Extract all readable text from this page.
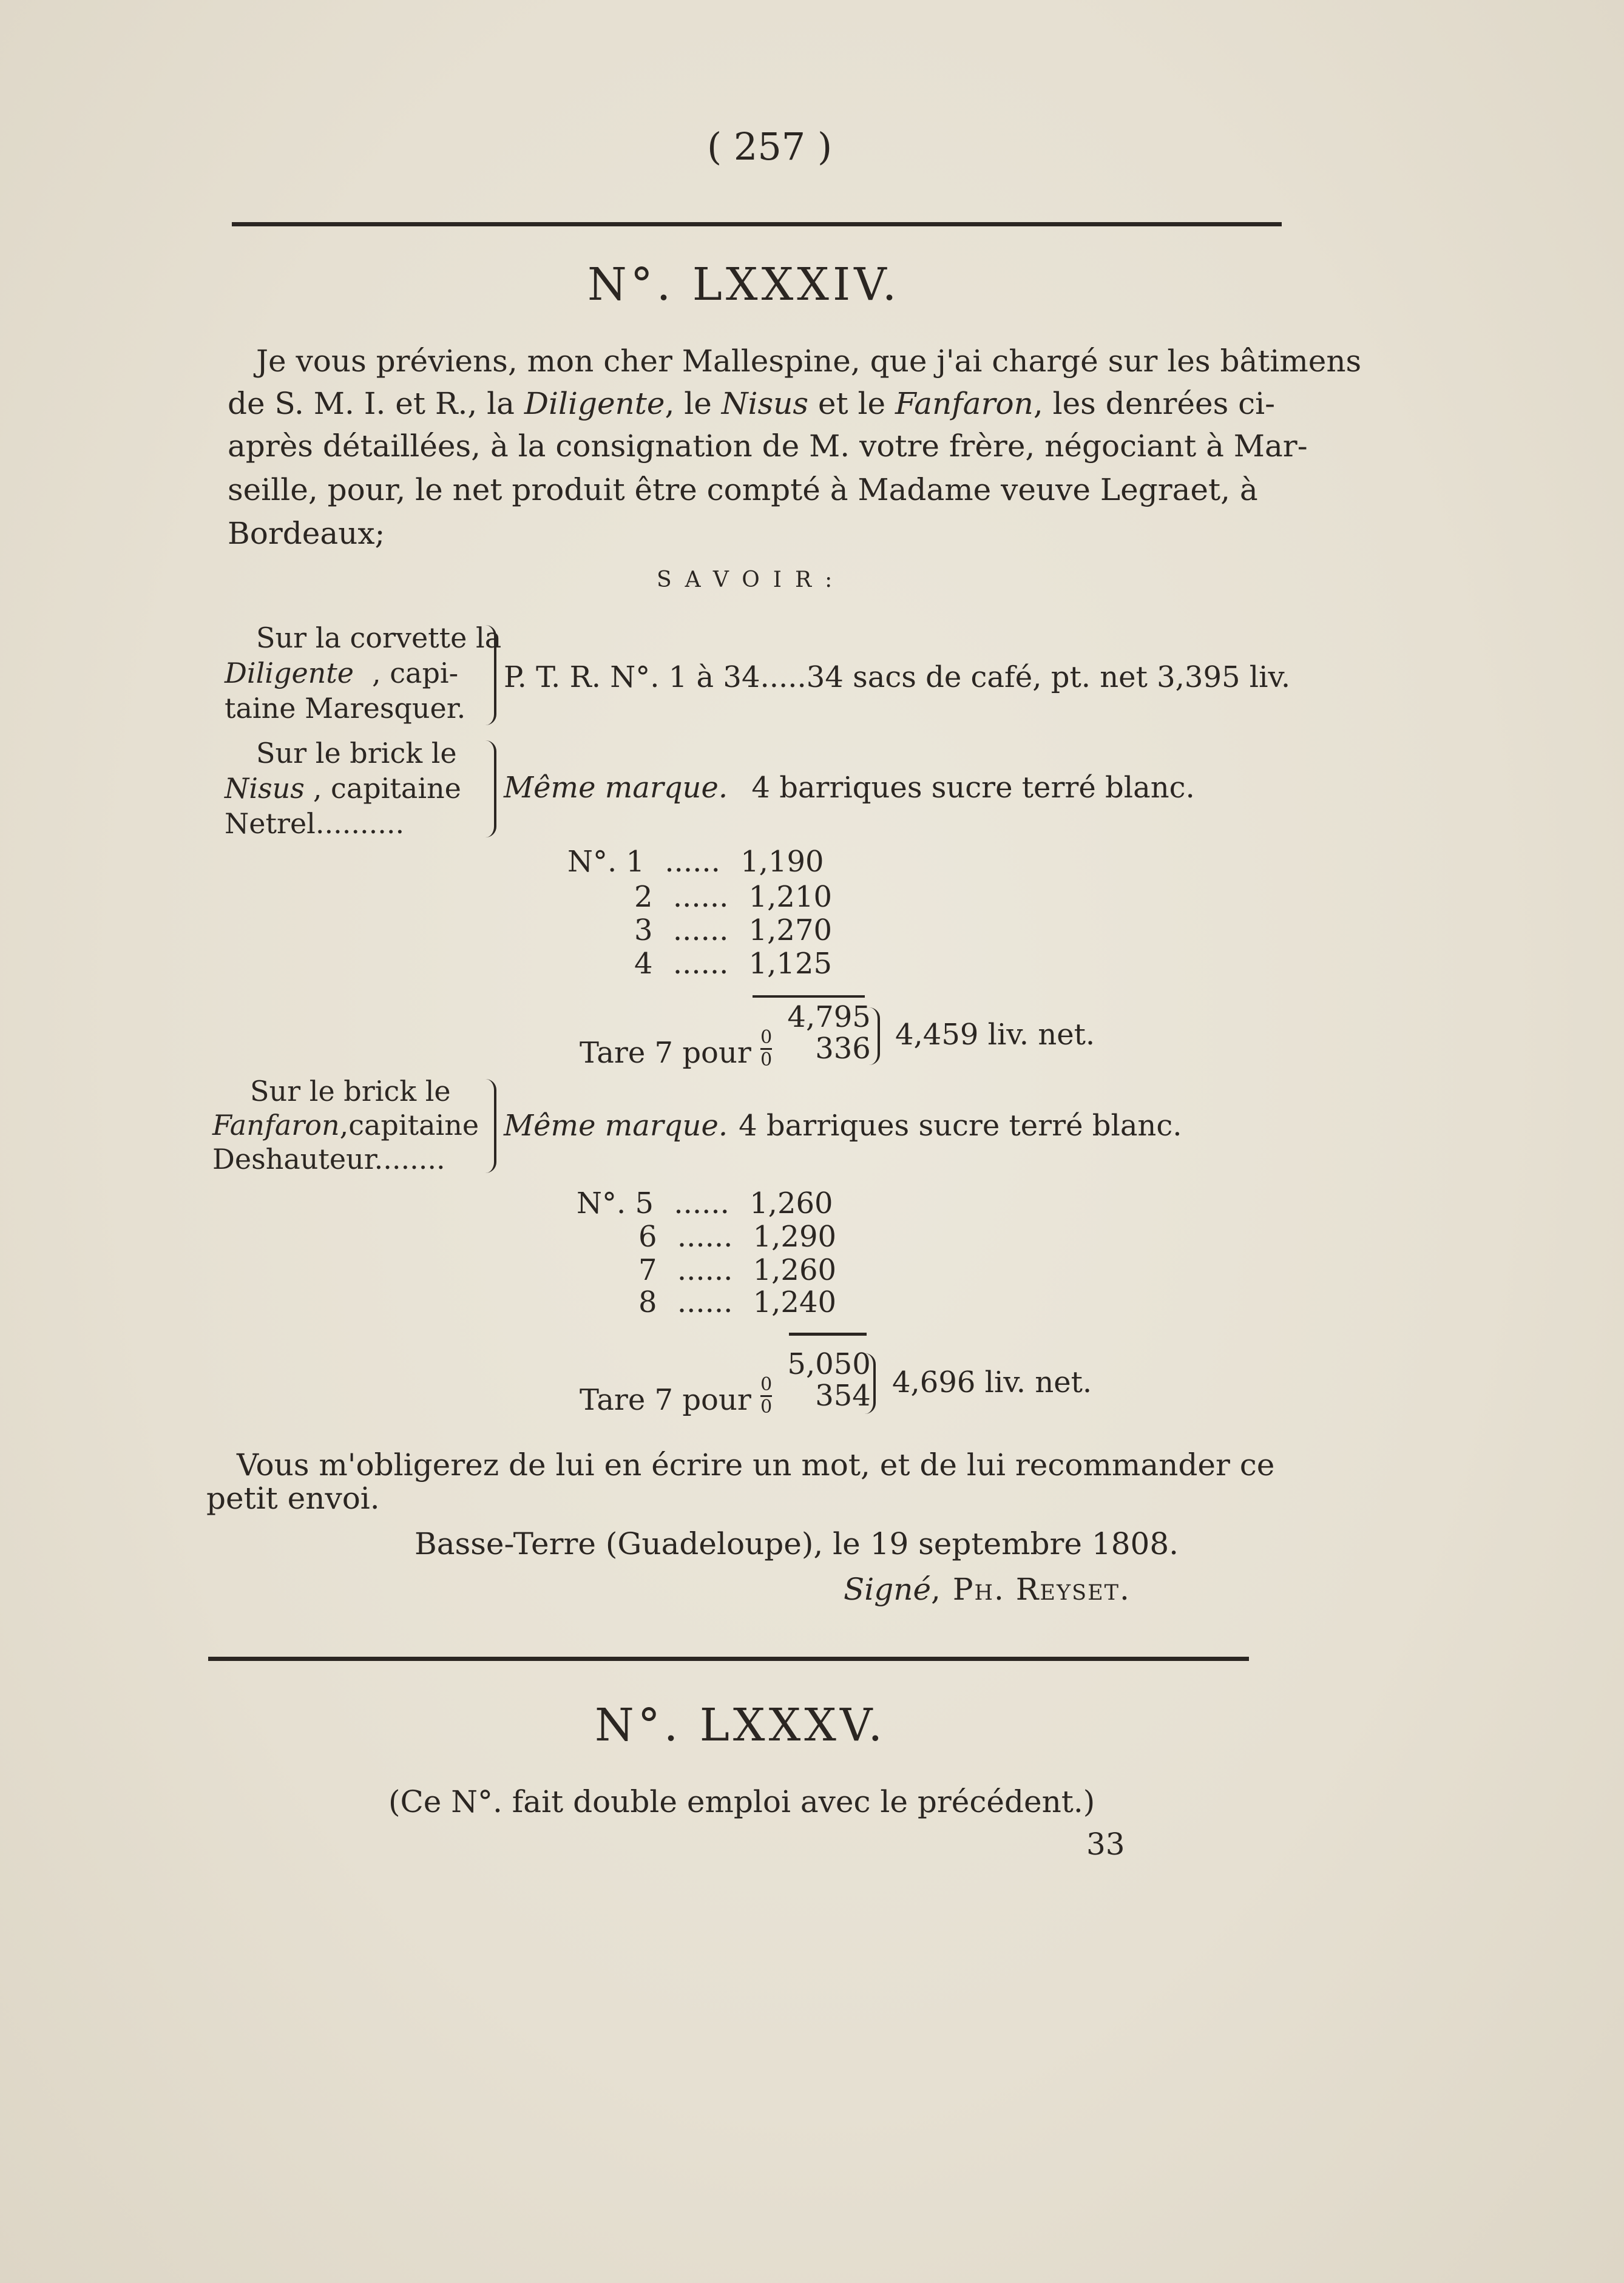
( 257 )
N°. LXXXIV.
Je vous préviens, mon cher Mallespine, que j'ai chargé sur les bâtimens
de S. M. I. et R., la Diligente, le Nisus et le Fanfaron, les denrées ci-
après détaillées, à la consignation de M. votre frère, négociant à Mar-
seille, pour, le net produit être compté à Madame veuve Legraet, à
Bordeaux;
SAVOIR:
Sur la corvette la
Diligente , capi-
taine Maresquer.
P. T. R. N°. 1 à 34.....34 sacs de café, pt. net 3,395 liv.
Sur le brick le
Nisus , capitaine
Netrel..........
Même marque. 4 barriques sucre terré blanc.
N°. 1 ...... 1,190
2 ...... 1,210
3 ...... 1,270
4 ...... 1,125
Tare 7 pour $\frac{0}{0}$

4,795
336 4,459 liv. net.
Sur le brick le
Fanfaron,capitaine
Deshauteur........
Même marque. 4 barriques sucre terré blanc.
N°. 5 ...... 1,260
6 ...... 1,290
7 ...... 1,260
8 ...... 1,240
Tare 7 pour $\frac{0}{0}$

5,050
354 4,696 liv. net.
Vous m'obligerez de lui en écrire un mot, et de lui recommander ce
petit envoi.
Basse-Terre (Guadeloupe), le 19 septembre 1808.
Signé, Ph. Reyset.
N°. LXXXV.
(Ce N°. fait double emploi avec le précédent.)
33
